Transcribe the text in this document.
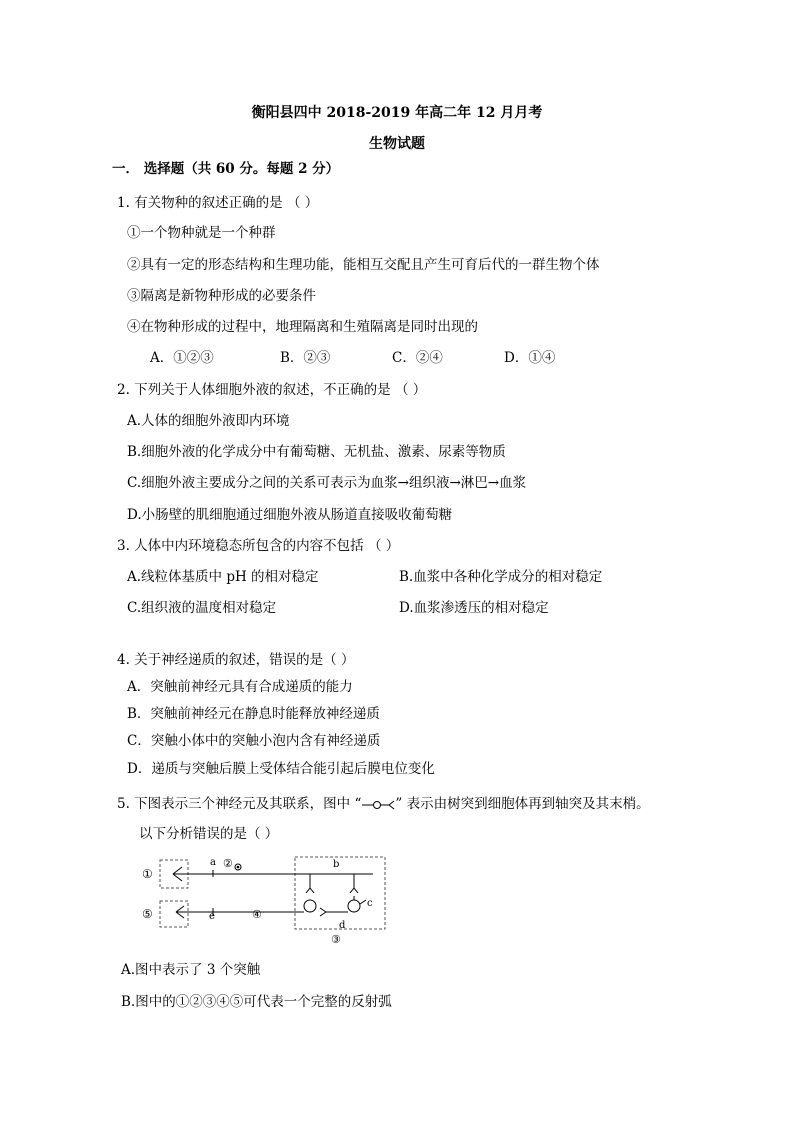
衡阳县四中 2018-2019 年高二年 12 月月考
生物试题
一． 选择题（共 60 分。每题 2 分）
1. 有关物种的叙述正确的是 （ ）
①一个物种就是一个种群
②具有一定的形态结构和生理功能，能相互交配且产生可育后代的一群生物个体
③隔离是新物种形成的必要条件
④在物种形成的过程中，地理隔离和生殖隔离是同时出现的
A．①②③	B．②③	C．②④	D．①④
2. 下列关于人体细胞外液的叙述，不正确的是 （ ）
A.人体的细胞外液即内环境
B.细胞外液的化学成分中有葡萄糖、无机盐、激素、尿素等物质
C.细胞外液主要成分之间的关系可表示为血浆→组织液→淋巴→血浆
D.小肠壁的肌细胞通过细胞外液从肠道直接吸收葡萄糖
3. 人体中内环境稳态所包含的内容不包括 （ ）
A.线粒体基质中 pH 的相对稳定	B.血浆中各种化学成分的相对稳定
C.组织液的温度相对稳定	D.血浆渗透压的相对稳定
4. 关于神经递质的叙述，错误的是（ ）
A．突触前神经元具有合成递质的能力
B．突触前神经元在静息时能释放神经递质
C．突触小体中的突触小泡内含有神经递质
D．递质与突触后膜上受体结合能引起后膜电位变化
5. 下图表示三个神经元及其联系，图中 “	” 表示由树突到细胞体再到轴突及其末梢。
以下分析错误的是（ ）
①
⑤
②
④
③
a	b
c
d
e
A.图中表示了 3 个突触
B.图中的①②③④⑤可代表一个完整的反射弧
